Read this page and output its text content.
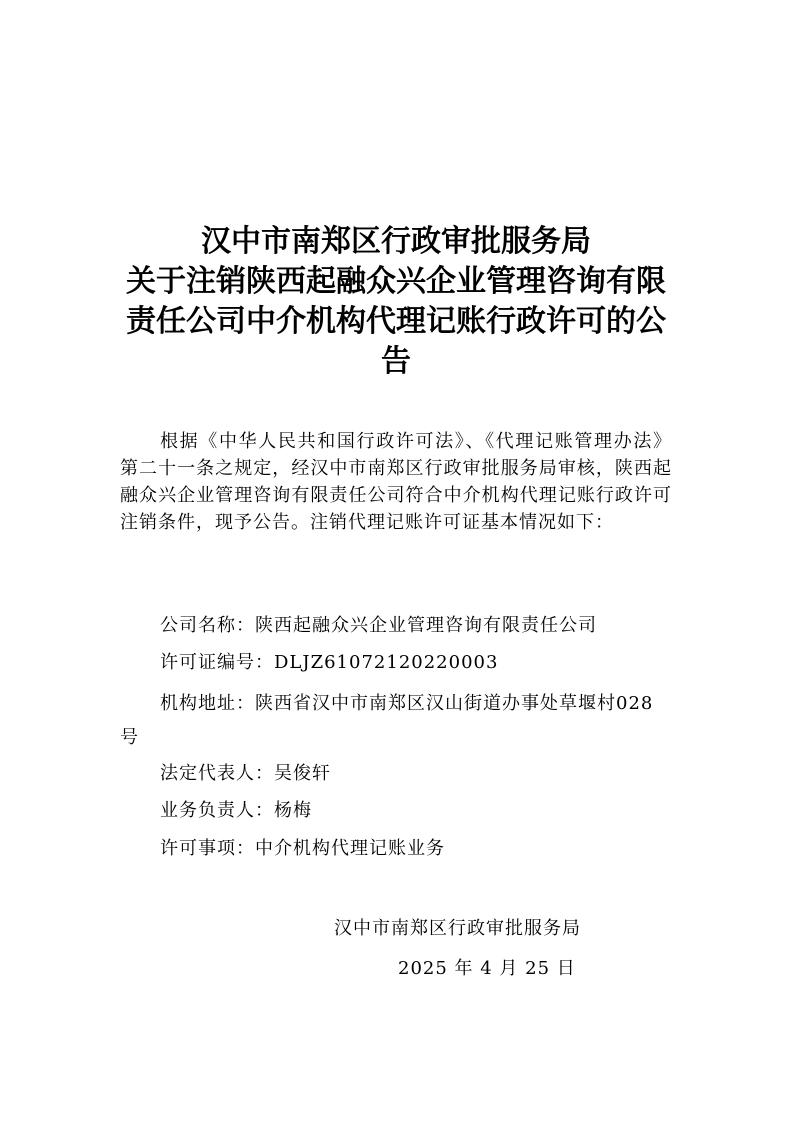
汉中市南郑区行政审批服务局
关于注销陕西起融众兴企业管理咨询有限
责任公司中介机构代理记账行政许可的公
告
根据《中华人民共和国行政许可法》、《代理记账管理办法》第二十一条之规定，经汉中市南郑区行政审批服务局审核，陕西起融众兴企业管理咨询有限责任公司符合中介机构代理记账行政许可注销条件，现予公告。注销代理记账许可证基本情况如下：
公司名称：陕西起融众兴企业管理咨询有限责任公司
许可证编号：DLJZ61072120220003
机构地址：陕西省汉中市南郑区汉山街道办事处草堰村028号
法定代表人：吴俊轩
业务负责人：杨梅
许可事项：中介机构代理记账业务
汉中市南郑区行政审批服务局
2025 年 4 月 25 日
